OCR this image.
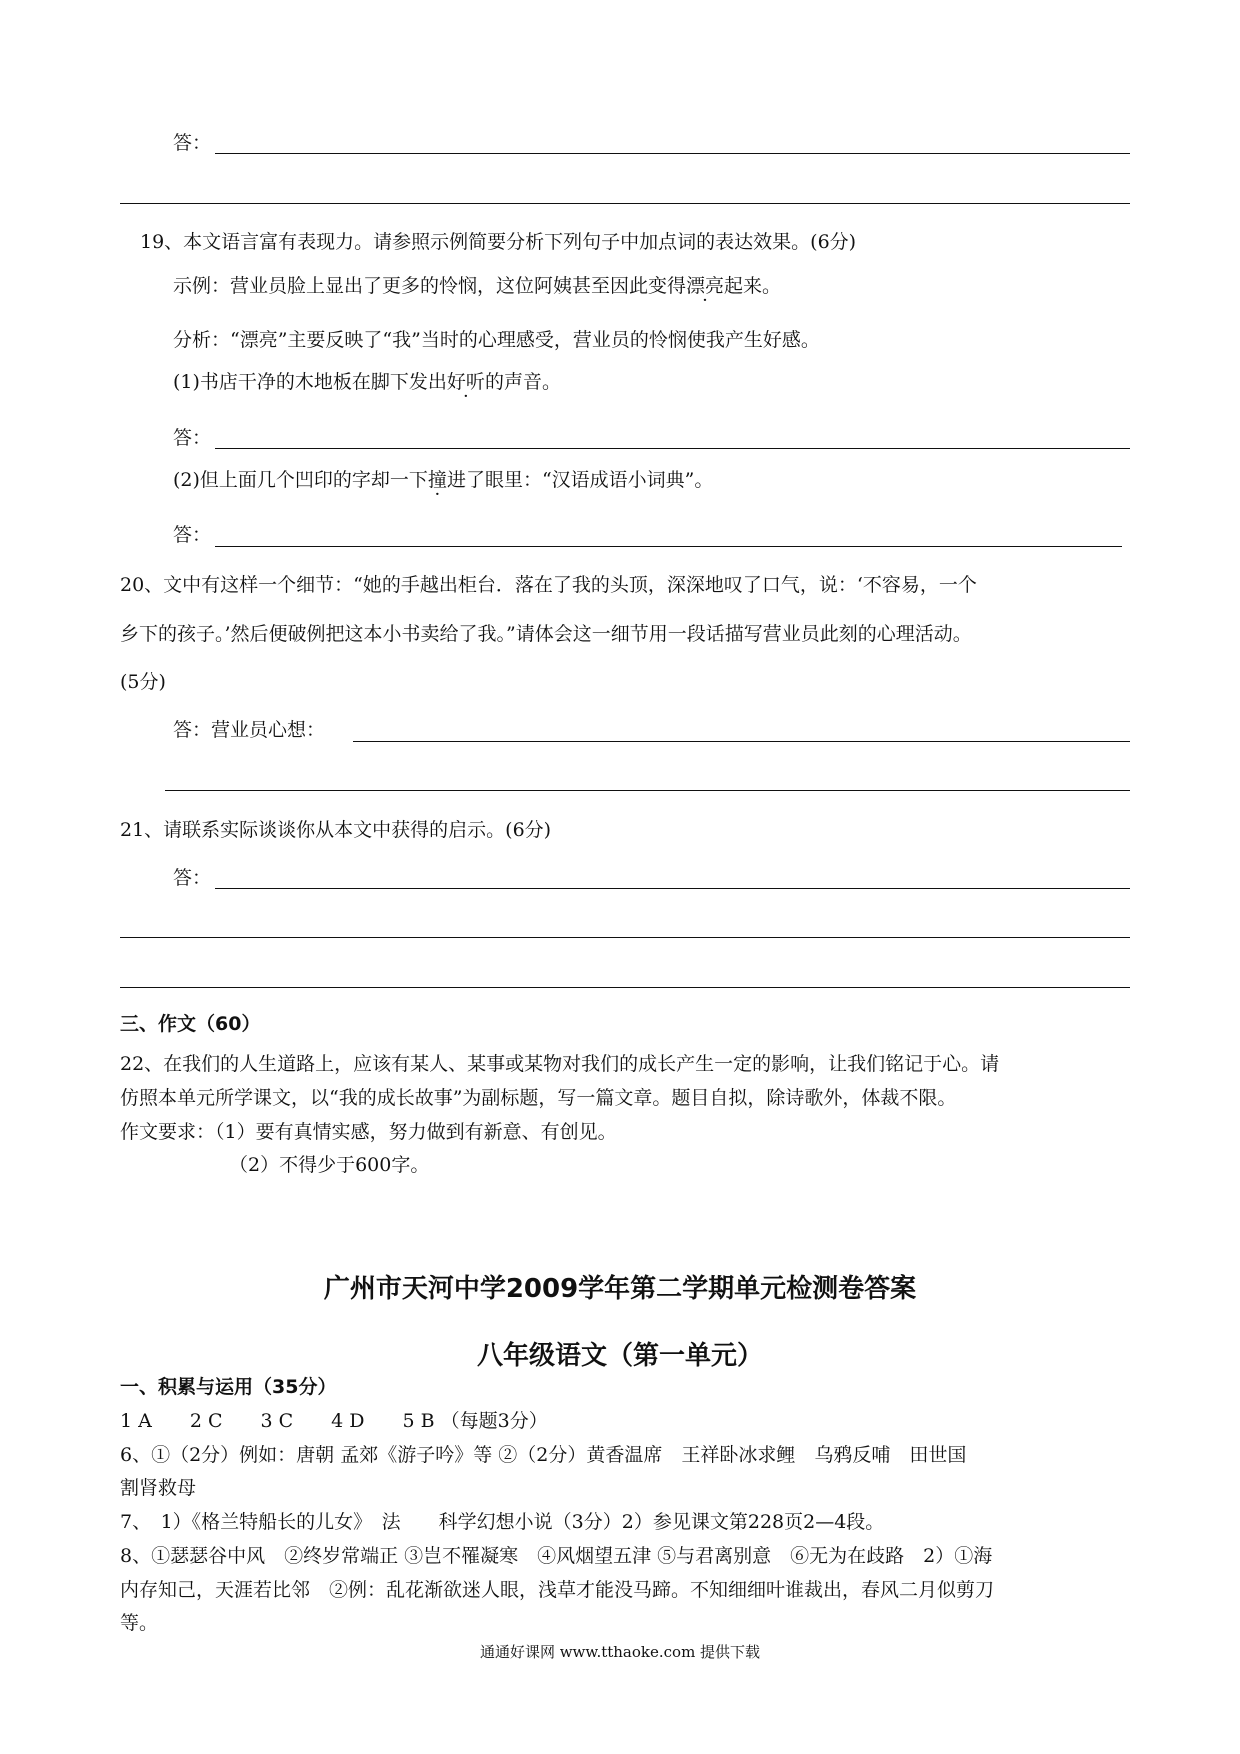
答：
19、本文语言富有表现力。请参照示例简要分析下列句子中加点词的表达效果。(6分)
示例：营业员脸上显出了更多的怜悯，这位阿姨甚至因此变得漂亮起来。
分析：“漂亮”主要反映了“我”当时的心理感受，营业员的怜悯使我产生好感。
(1)书店干净的木地板在脚下发出好听的声音。
答：
(2)但上面几个凹印的字却一下撞进了眼里：“汉语成语小词典”。
答：
20、文中有这样一个细节：“她的手越出柜台．落在了我的头顶，深深地叹了口气，说：‘不容易，一个
乡下的孩子。’然后便破例把这本小书卖给了我。”请体会这一细节用一段话描写营业员此刻的心理活动。
(5分)
答：营业员心想：
21、请联系实际谈谈你从本文中获得的启示。(6分)
答：
三、作文（60）
22、在我们的人生道路上，应该有某人、某事或某物对我们的成长产生一定的影响，让我们铭记于心。请
仿照本单元所学课文，以“我的成长故事”为副标题，写一篇文章。题目自拟，除诗歌外，体裁不限。
作文要求：（1）要有真情实感，努力做到有新意、有创见。
（2）不得少于600字。
广州市天河中学2009学年第二学期单元检测卷答案
八年级语文（第一单元）
一、积累与运用（35分）
1 A　　2 C　　3 C　　4 D　　5 B （每题3分）
6、①（2分）例如：唐朝 孟郊《游子吟》等 ②（2分）黄香温席　王祥卧冰求鲤　乌鸦反哺　田世国
割肾救母
7、　1）《格兰特船长的儿女》　法　　科学幻想小说（3分）2）参见课文第228页2—4段。
8、①瑟瑟谷中风　②终岁常端正 ③岂不罹凝寒　④风烟望五津 ⑤与君离别意　⑥无为在歧路　2）①海
内存知己，天涯若比邻　②例：乱花渐欲迷人眼，浅草才能没马蹄。不知细细叶谁裁出，春风二月似剪刀
等。
通通好课网 www.tthaoke.com 提供下载
